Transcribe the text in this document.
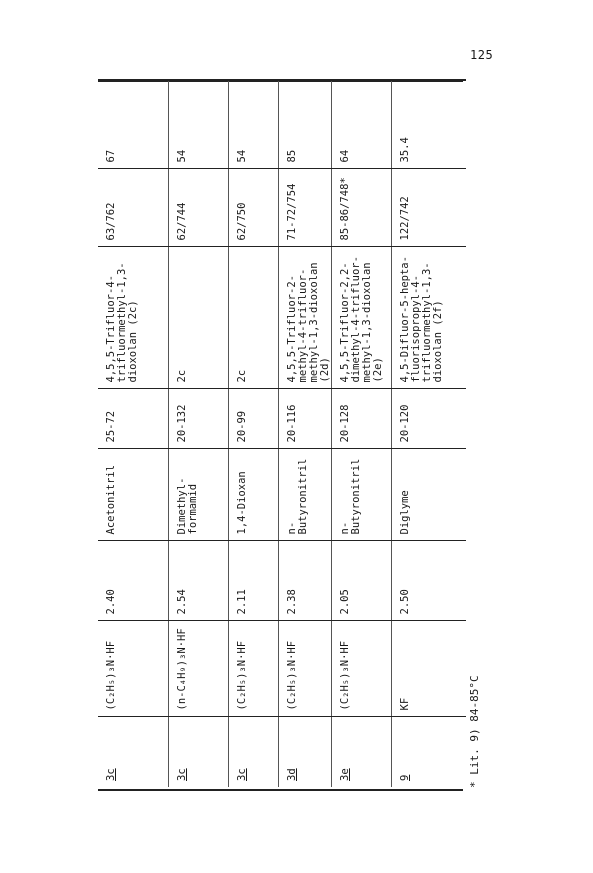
125
3c	(C₂H₅)₃N·HF	2.40	Acetonitril	25-72	4,5,5-Trifluor-4-
trifluormethyl-1,3-
dioxolan (2c)	63/762	67
3c	(n-C₄H₉)₃N·HF	2.54	Dimethyl-
formamid	20-132	2c	62/744	54
3c	(C₂H₅)₃N·HF	2.11	1,4-Dioxan	20-99	2c	62/750	54
3d	(C₂H₅)₃N·HF	2.38	n-Butyronitril	20-116	4,5,5-Trifluor-2-
methyl-4-trifluor-
methyl-1,3-dioxolan
(2d)	71-72/754	85
3e	(C₂H₅)₃N·HF	2.05	n-Butyronitril	20-128	4,5,5-Trifluor-2,2-
dimethyl-4-trifluor-
methyl-1,3-dioxolan
(2e)	85-86/748*	64
9	KF	2.50	Diglyme	20-120	4,5-Difluor-5-hepta-
fluorisopropyl-4-
trifluormethyl-1,3-
dioxolan (2f)	122/742	35.4
* Lit. 9) 84-85°C
